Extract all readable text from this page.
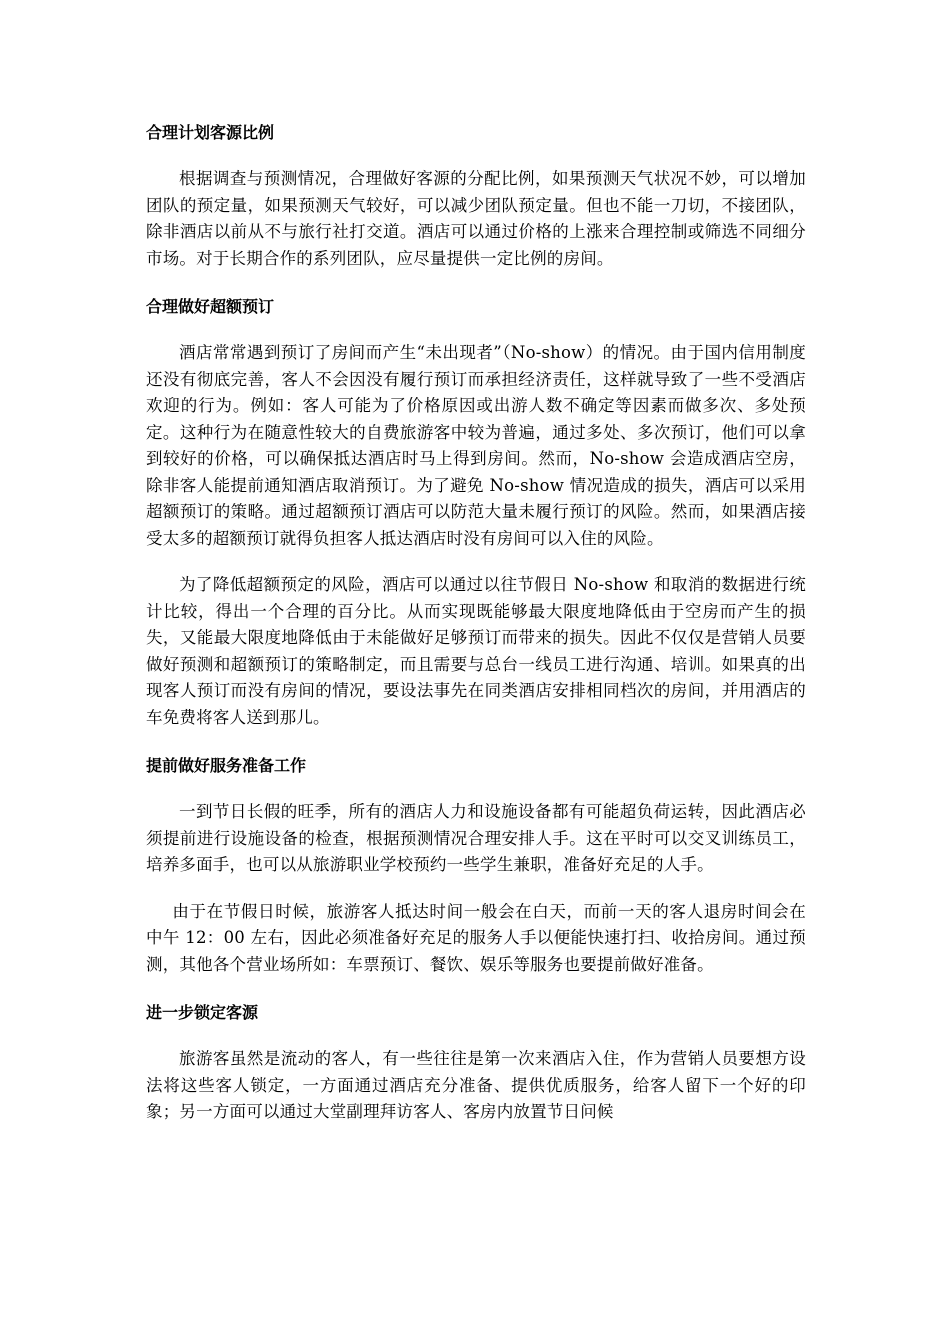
合理计划客源比例

根据调查与预测情况，合理做好客源的分配比例，如果预测天气状况不妙，可以增加团队的预定量，如果预测天气较好，可以减少团队预定量。但也不能一刀切，不接团队，除非酒店以前从不与旅行社打交道。酒店可以通过价格的上涨来合理控制或筛选不同细分市场。对于长期合作的系列团队，应尽量提供一定比例的房间。

合理做好超额预订

酒店常常遇到预订了房间而产生“未出现者”（No-show）的情况。由于国内信用制度还没有彻底完善，客人不会因没有履行预订而承担经济责任，这样就导致了一些不受酒店欢迎的行为。例如：客人可能为了价格原因或出游人数不确定等因素而做多次、多处预定。这种行为在随意性较大的自费旅游客中较为普遍，通过多处、多次预订，他们可以拿到较好的价格，可以确保抵达酒店时马上得到房间。然而，No-show 会造成酒店空房，除非客人能提前通知酒店取消预订。为了避免 No-show 情况造成的损失，酒店可以采用超额预订的策略。通过超额预订酒店可以防范大量未履行预订的风险。然而，如果酒店接受太多的超额预订就得负担客人抵达酒店时没有房间可以入住的风险。

为了降低超额预定的风险，酒店可以通过以往节假日 No-show 和取消的数据进行统计比较，得出一个合理的百分比。从而实现既能够最大限度地降低由于空房而产生的损失，又能最大限度地降低由于未能做好足够预订而带来的损失。因此不仅仅是营销人员要做好预测和超额预订的策略制定，而且需要与总台一线员工进行沟通、培训。如果真的出现客人预订而没有房间的情况，要设法事先在同类酒店安排相同档次的房间，并用酒店的车免费将客人送到那儿。

提前做好服务准备工作

一到节日长假的旺季，所有的酒店人力和设施设备都有可能超负荷运转，因此酒店必须提前进行设施设备的检查，根据预测情况合理安排人手。这在平时可以交叉训练员工，培养多面手，也可以从旅游职业学校预约一些学生兼职，准备好充足的人手。

由于在节假日时候，旅游客人抵达时间一般会在白天，而前一天的客人退房时间会在中午 12：00 左右，因此必须准备好充足的服务人手以便能快速打扫、收拾房间。通过预测，其他各个营业场所如：车票预订、餐饮、娱乐等服务也要提前做好准备。

进一步锁定客源

旅游客虽然是流动的客人，有一些往往是第一次来酒店入住，作为营销人员要想方设法将这些客人锁定，一方面通过酒店充分准备、提供优质服务，给客人留下一个好的印象；另一方面可以通过大堂副理拜访客人、客房内放置节日问候
